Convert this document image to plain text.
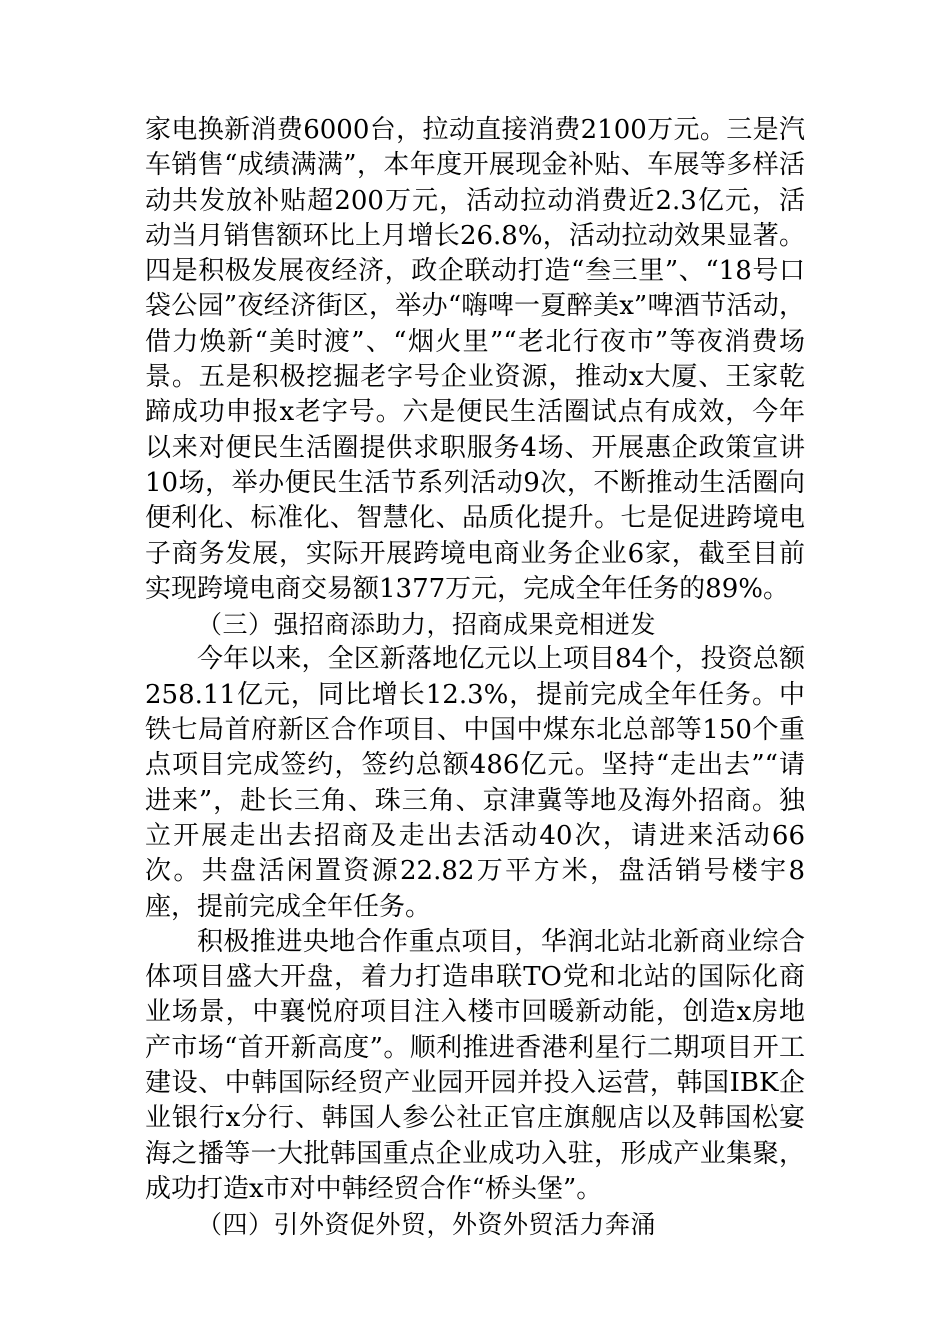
家电换新消费6000台，拉动直接消费2100万元。三是汽车销售“成绩满满”，本年度开展现金补贴、车展等多样活动共发放补贴超200万元，活动拉动消费近2.3亿元，活动当月销售额环比上月增长26.8%，活动拉动效果显著。四是积极发展夜经济，政企联动打造“叁三里”、“18号口袋公园”夜经济街区，举办“嗨啤一夏醉美x”啤酒节活动，借力焕新“美时渡”、“烟火里”“老北行夜市”等夜消费场景。五是积极挖掘老字号企业资源，推动x大厦、王家乾蹄成功申报x老字号。六是便民生活圈试点有成效，今年以来对便民生活圈提供求职服务4场、开展惠企政策宣讲10场，举办便民生活节系列活动9次，不断推动生活圈向便利化、标准化、智慧化、品质化提升。七是促进跨境电子商务发展，实际开展跨境电商业务企业6家，截至目前实现跨境电商交易额1377万元，完成全年任务的89%。

（三）强招商添助力，招商成果竞相迸发

今年以来，全区新落地亿元以上项目84个，投资总额258.11亿元，同比增长12.3%，提前完成全年任务。中铁七局首府新区合作项目、中国中煤东北总部等150个重点项目完成签约，签约总额486亿元。坚持“走出去”“请进来”，赴长三角、珠三角、京津冀等地及海外招商。独立开展走出去招商及走出去活动40次，请进来活动66次。共盘活闲置资源22.82万平方米，盘活销号楼宇8座，提前完成全年任务。

积极推进央地合作重点项目，华润北站北新商业综合体项目盛大开盘，着力打造串联TO党和北站的国际化商业场景，中襄悦府项目注入楼市回暖新动能，创造x房地产市场“首开新高度”。顺利推进香港利星行二期项目开工建设、中韩国际经贸产业园开园并投入运营，韩国IBK企业银行x分行、韩国人参公社正官庄旗舰店以及韩国松宴海之播等一大批韩国重点企业成功入驻，形成产业集聚，成功打造x市对中韩经贸合作“桥头堡”。

（四）引外资促外贸，外资外贸活力奔涌
